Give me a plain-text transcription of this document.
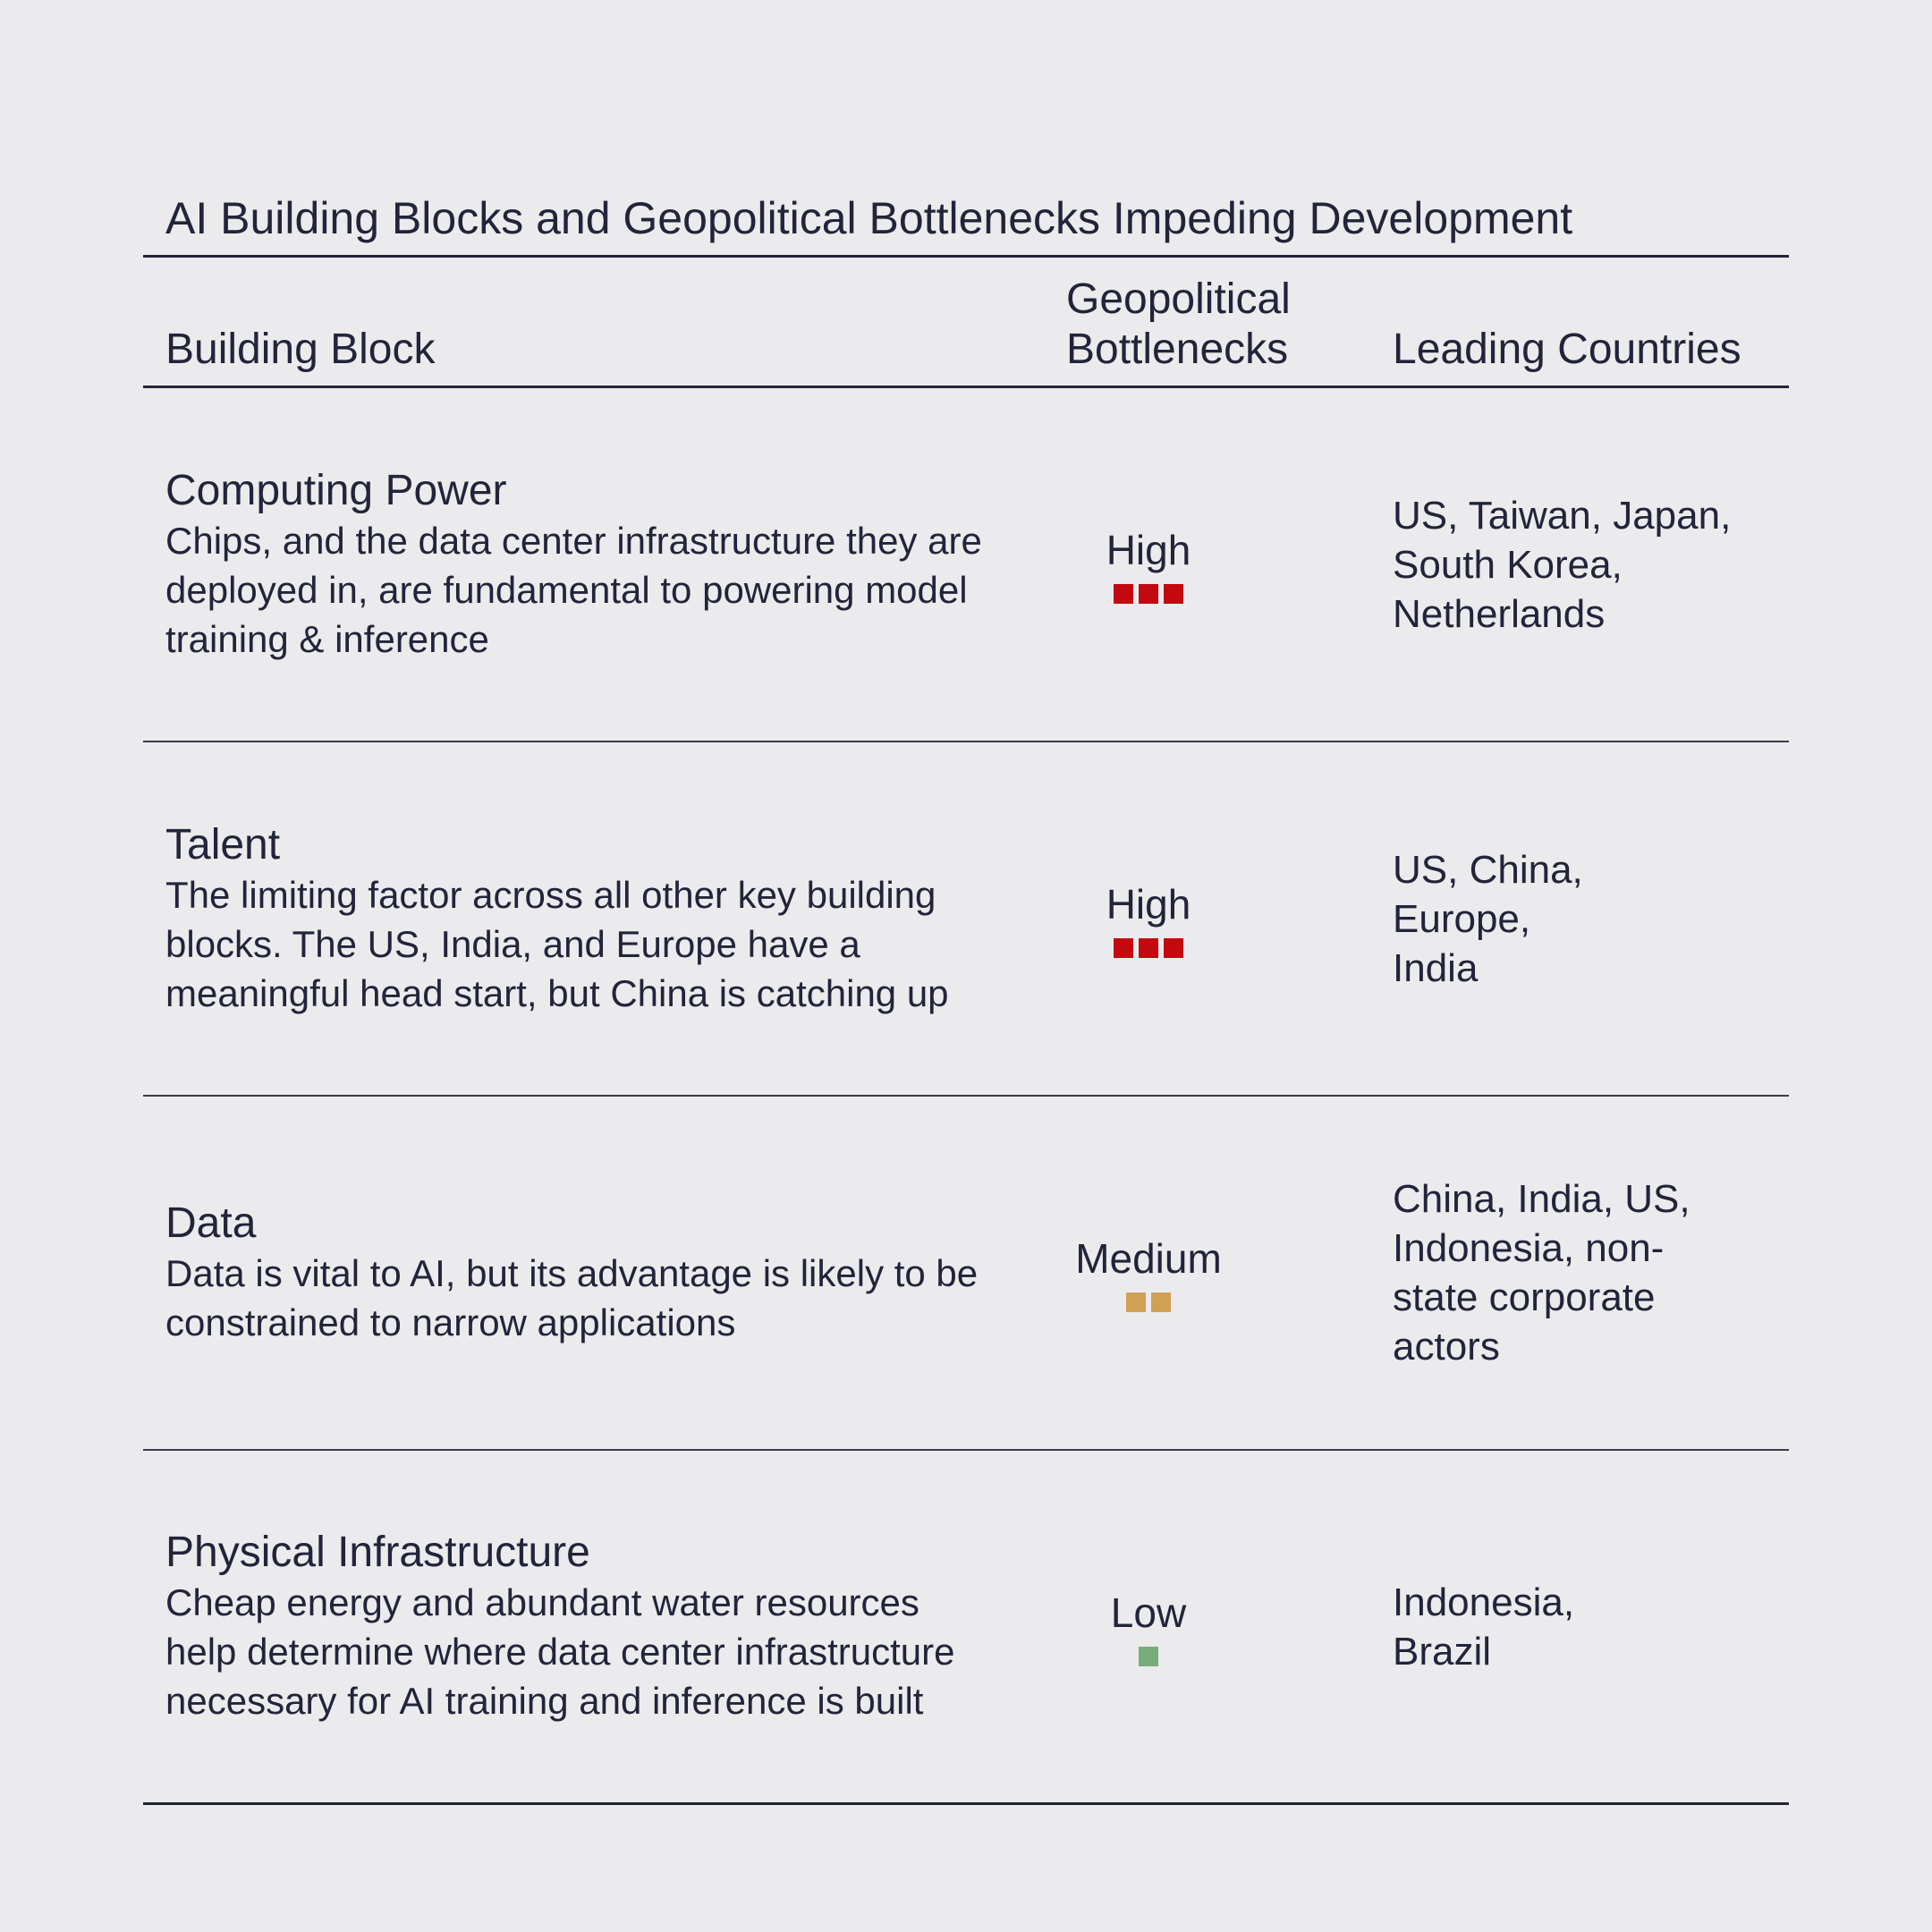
AI Building Blocks and Geopolitical Bottlenecks Impeding Development
Building Block
Geopolitical
Bottlenecks Leading Countries
Computing Power
Chips, and the data center infrastructure they are deployed in, are fundamental to powering model training & inference
High
US, Taiwan, Japan,
South Korea,
Netherlands
Talent
The limiting factor across all other key building blocks. The US, India, and Europe have a meaningful head start, but China is catching up
High
US, China,
Europe,
India
Data
Data is vital to AI, but its advantage is likely to be constrained to narrow applications
Medium
China, India, US,
Indonesia, non-
state corporate
actors
Physical Infrastructure
Cheap energy and abundant water resources help determine where data center infrastructure necessary for AI training and inference is built
Low	Indonesia,
Brazil
